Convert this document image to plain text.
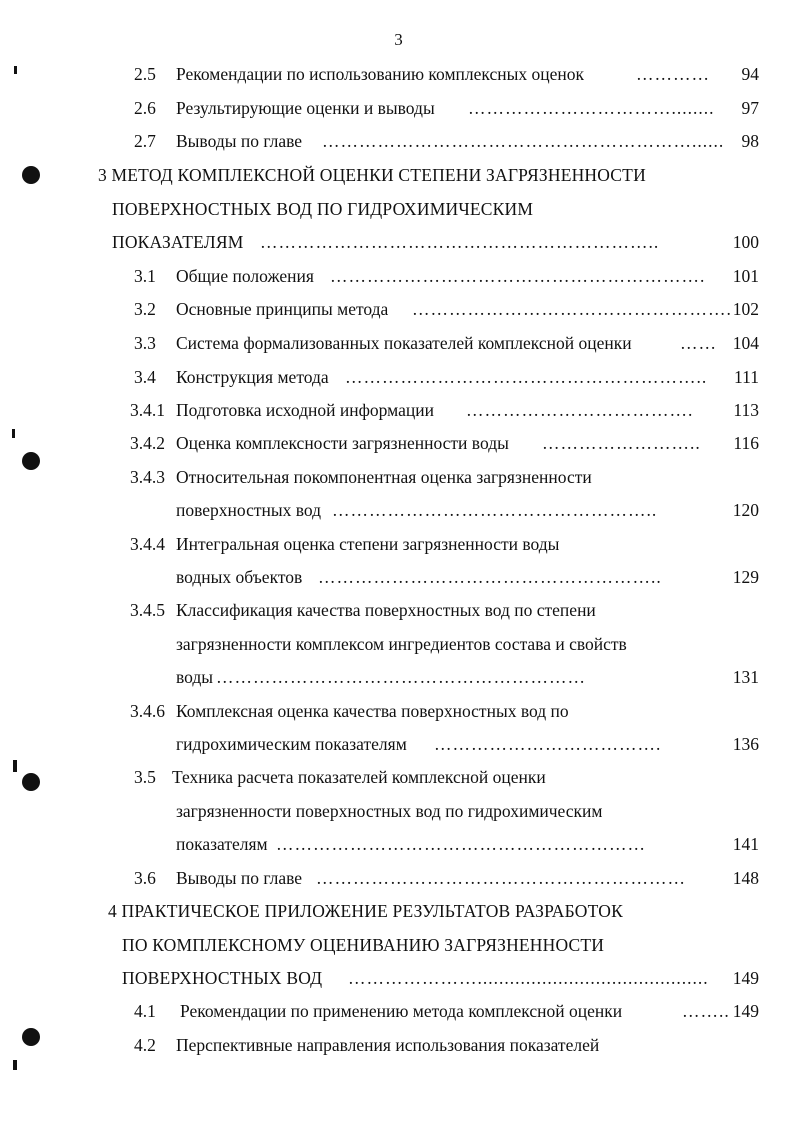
3
2.5 Рекомендации по использованию комплексных оценок	…………	94
2.6 Результирующие оценки и выводы ……………………………........ 97
2.7 Выводы по главе ……………………………………………………...... 98
3 МЕТОД КОМПЛЕКСНОЙ ОЦЕНКИ СТЕПЕНИ ЗАГРЯЗНЕННОСТИ
ПОВЕРХНОСТНЫХ ВОД ПО ГИДРОХИМИЧЕСКИМ
ПОКАЗАТЕЛЯМ ………………………………………………………..	100
3.1 Общие положения …………………………………………………….	101
3.2 Основные принципы метода ……………………………………………. 102
3.3 Система формализованных показателей комплексной оценки	…… 104
3.4 Конструкция метода …………………………………………………..	111
3.4.1 Подготовка исходной информации ……………………………….	113
3.4.2 Оценка комплексности загрязненности воды ……………………..	116
3.4.3 Относительная покомпонентная оценка загрязненности
поверхностных вод ……………………………………………..	120
3.4.4 Интегральная оценка степени загрязненности воды
водных объектов ………………………………………………..	129
3.4.5 Классификация качества поверхностных вод по степени
загрязненности комплексом ингредиентов состава и свойств
воды ……………………………………………………	131
3.4.6 Комплексная оценка качества поверхностных вод по
гидрохимическим показателям ……………………………….	136
3.5 Техника расчета показателей комплексной оценки
загрязненности поверхностных вод по гидрохимическим
показателям ……………………………………………………	141
3.6 Выводы по главе ……………………………………………………	148
4 ПРАКТИЧЕСКОЕ ПРИЛОЖЕНИЕ РЕЗУЛЬТАТОВ РАЗРАБОТОК
ПО КОМПЛЕКСНОМУ ОЦЕНИВАНИЮ ЗАГРЯЗНЕННОСТИ
ПОВЕРХНОСТНЫХ ВОД …………………...........................................	149
4.1 Рекомендации по применению метода комплексной оценки	…….. 149
4.2 Перспективные направления использования показателей
